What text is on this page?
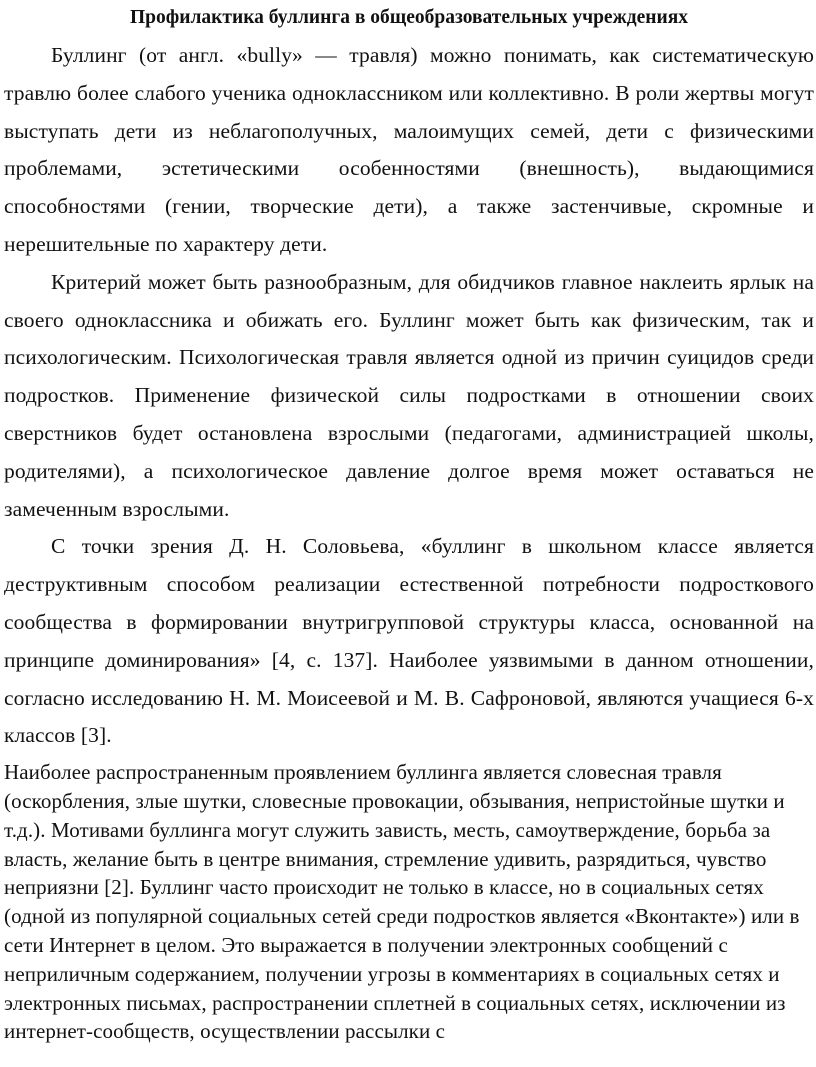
Профилактика буллинга в общеобразовательных учреждениях

Буллинг (от англ. «bully» — травля) можно понимать, как систематическую травлю более слабого ученика одноклассником или коллективно. В роли жертвы могут выступать дети из неблагополучных, малоимущих семей, дети с физическими проблемами, эстетическими особенностями (внешность), выдающимися способностями (гении, творческие дети), а также застенчивые, скромные и нерешительные по характеру дети.

Критерий может быть разнообразным, для обидчиков главное наклеить ярлык на своего одноклассника и обижать его. Буллинг может быть как физическим, так и психологическим. Психологическая травля является одной из причин суицидов среди подростков. Применение физической силы подростками в отношении своих сверстников будет остановлена взрослыми (педагогами, администрацией школы, родителями), а психологическое давление долгое время может оставаться не замеченным взрослыми.

С точки зрения Д. Н. Соловьева, «буллинг в школьном классе является деструктивным способом реализации естественной потребности подросткового сообщества в формировании внутригрупповой структуры класса, основанной на принципе доминирования» [4, с. 137]. Наиболее уязвимыми в данном отношении, согласно исследованию Н. М. Моисеевой и М. В. Сафроновой, являются учащиеся 6-х классов [3].

Наиболее распространенным проявлением буллинга является словесная травля (оскорбления, злые шутки, словесные провокации, обзывания, непристойные шутки и т.д.). Мотивами буллинга могут служить зависть, месть, самоутверждение, борьба за власть, желание быть в центре внимания, стремление удивить, разрядиться, чувство неприязни [2]. Буллинг часто происходит не только в классе, но в социальных сетях (одной из популярной социальных сетей среди подростков является «Вконтакте») или в сети Интернет в целом. Это выражается в получении электронных сообщений с неприличным содержанием, получении угрозы в комментариях в социальных сетях и электронных письмах, распространении сплетней в социальных сетях, исключении из интернет-сообществ, осуществлении рассылки с
